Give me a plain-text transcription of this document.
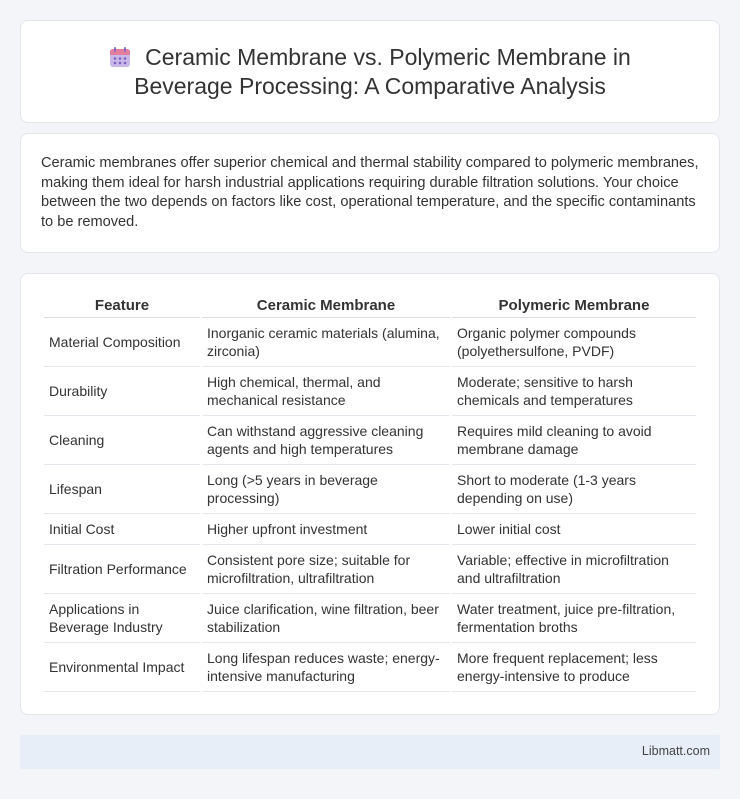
Ceramic Membrane vs. Polymeric Membrane in Beverage Processing: A Comparative Analysis

Ceramic membranes offer superior chemical and thermal stability compared to polymeric membranes, making them ideal for harsh industrial applications requiring durable filtration solutions. Your choice between the two depends on factors like cost, operational temperature, and the specific contaminants to be removed.

Feature	Ceramic Membrane	Polymeric Membrane
Material Composition	Inorganic ceramic materials (alumina, zirconia)	Organic polymer compounds (polyethersulfone, PVDF)
Durability	High chemical, thermal, and mechanical resistance	Moderate; sensitive to harsh chemicals and temperatures
Cleaning	Can withstand aggressive cleaning agents and high temperatures	Requires mild cleaning to avoid membrane damage
Lifespan	Long (>5 years in beverage processing)	Short to moderate (1-3 years depending on use)
Initial Cost	Higher upfront investment	Lower initial cost
Filtration Performance	Consistent pore size; suitable for microfiltration, ultrafiltration	Variable; effective in microfiltration and ultrafiltration
Applications in Beverage Industry	Juice clarification, wine filtration, beer stabilization	Water treatment, juice pre-filtration, fermentation broths
Environmental Impact	Long lifespan reduces waste; energy-intensive manufacturing	More frequent replacement; less energy-intensive to produce
Libmatt.com
